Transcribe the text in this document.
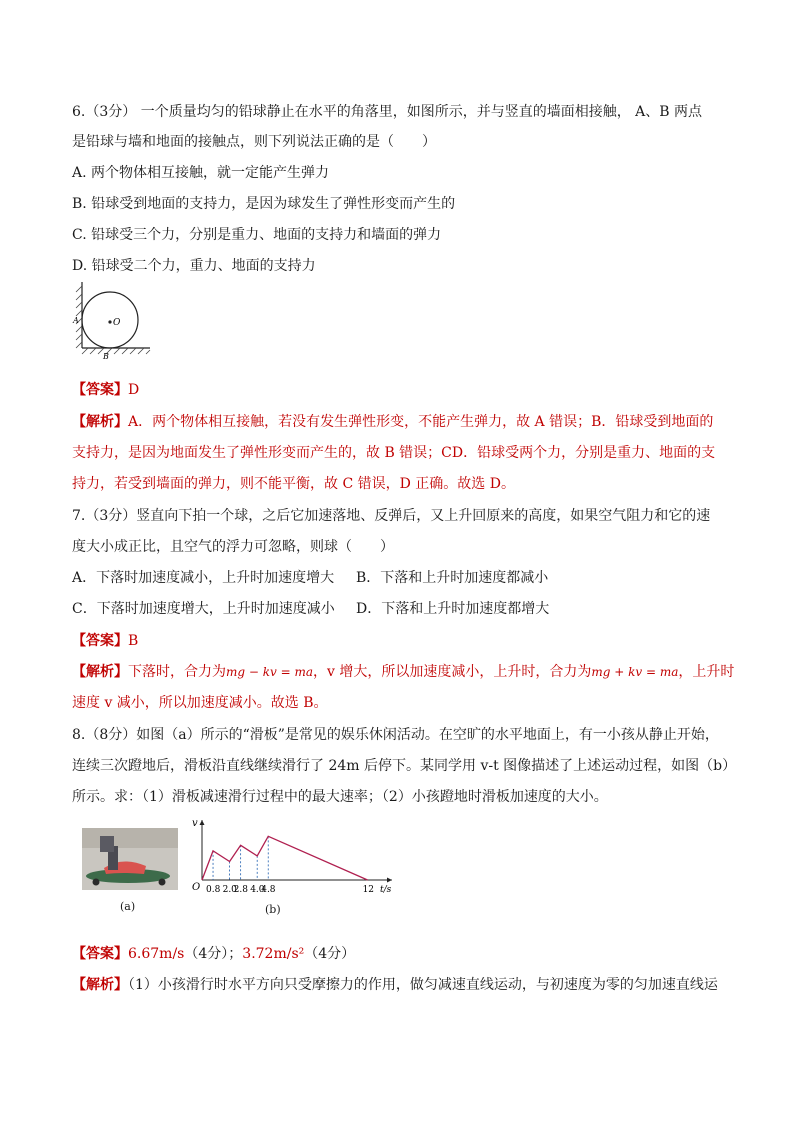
6.（3分） 一个质量均匀的铅球静止在水平的角落里，如图所示，并与竖直的墙面相接触， A、B 两点
是铅球与墙和地面的接触点，则下列说法正确的是（　　）
A. 两个物体相互接触，就一定能产生弹力
B. 铅球受到地面的支持力，是因为球发生了弹性形变而产生的
C. 铅球受三个力，分别是重力、地面的支持力和墙面的弹力
D. 铅球受二个力，重力、地面的支持力
O
A
B
【答案】D
【解析】A．两个物体相互接触，若没有发生弹性形变，不能产生弹力，故 A 错误；B．铅球受到地面的
支持力，是因为地面发生了弹性形变而产生的，故 B 错误；CD．铅球受两个力，分别是重力、地面的支
持力，若受到墙面的弹力，则不能平衡，故 C 错误，D 正确。故选 D。
7.（3分）竖直向下拍一个球，之后它加速落地、反弹后，又上升回原来的高度，如果空气阻力和它的速
度大小成正比，且空气的浮力可忽略，则球（　　）
A．下落时加速度减小，上升时加速度增大 B．下落和上升时加速度都减小
C．下落时加速度增大，上升时加速度减小 D．下落和上升时加速度都增大
【答案】B
【解析】下落时，合力为mg − kv = ma，v 增大，所以加速度减小，上升时，合力为mg + kv = ma，上升时
速度 v 减小，所以加速度减小。故选 B。
8.（8分）如图（a）所示的“滑板”是常见的娱乐休闲活动。在空旷的水平地面上，有一小孩从静止开始，
连续三次蹬地后，滑板沿直线继续滑行了 24m 后停下。某同学用 v-t 图像描述了上述运动过程，如图（b）
所示。求：（1）滑板减速滑行过程中的最大速率；（2）小孩蹬地时滑板加速度的大小。
(a)
O
v
t/s
0.8 2.0
2.8 4.0
4.8	12
(b)
【答案】6.67m/s（4分）；3.72m/s²（4分）
【解析】（1）小孩滑行时水平方向只受摩擦力的作用，做匀减速直线运动，与初速度为零的匀加速直线运
